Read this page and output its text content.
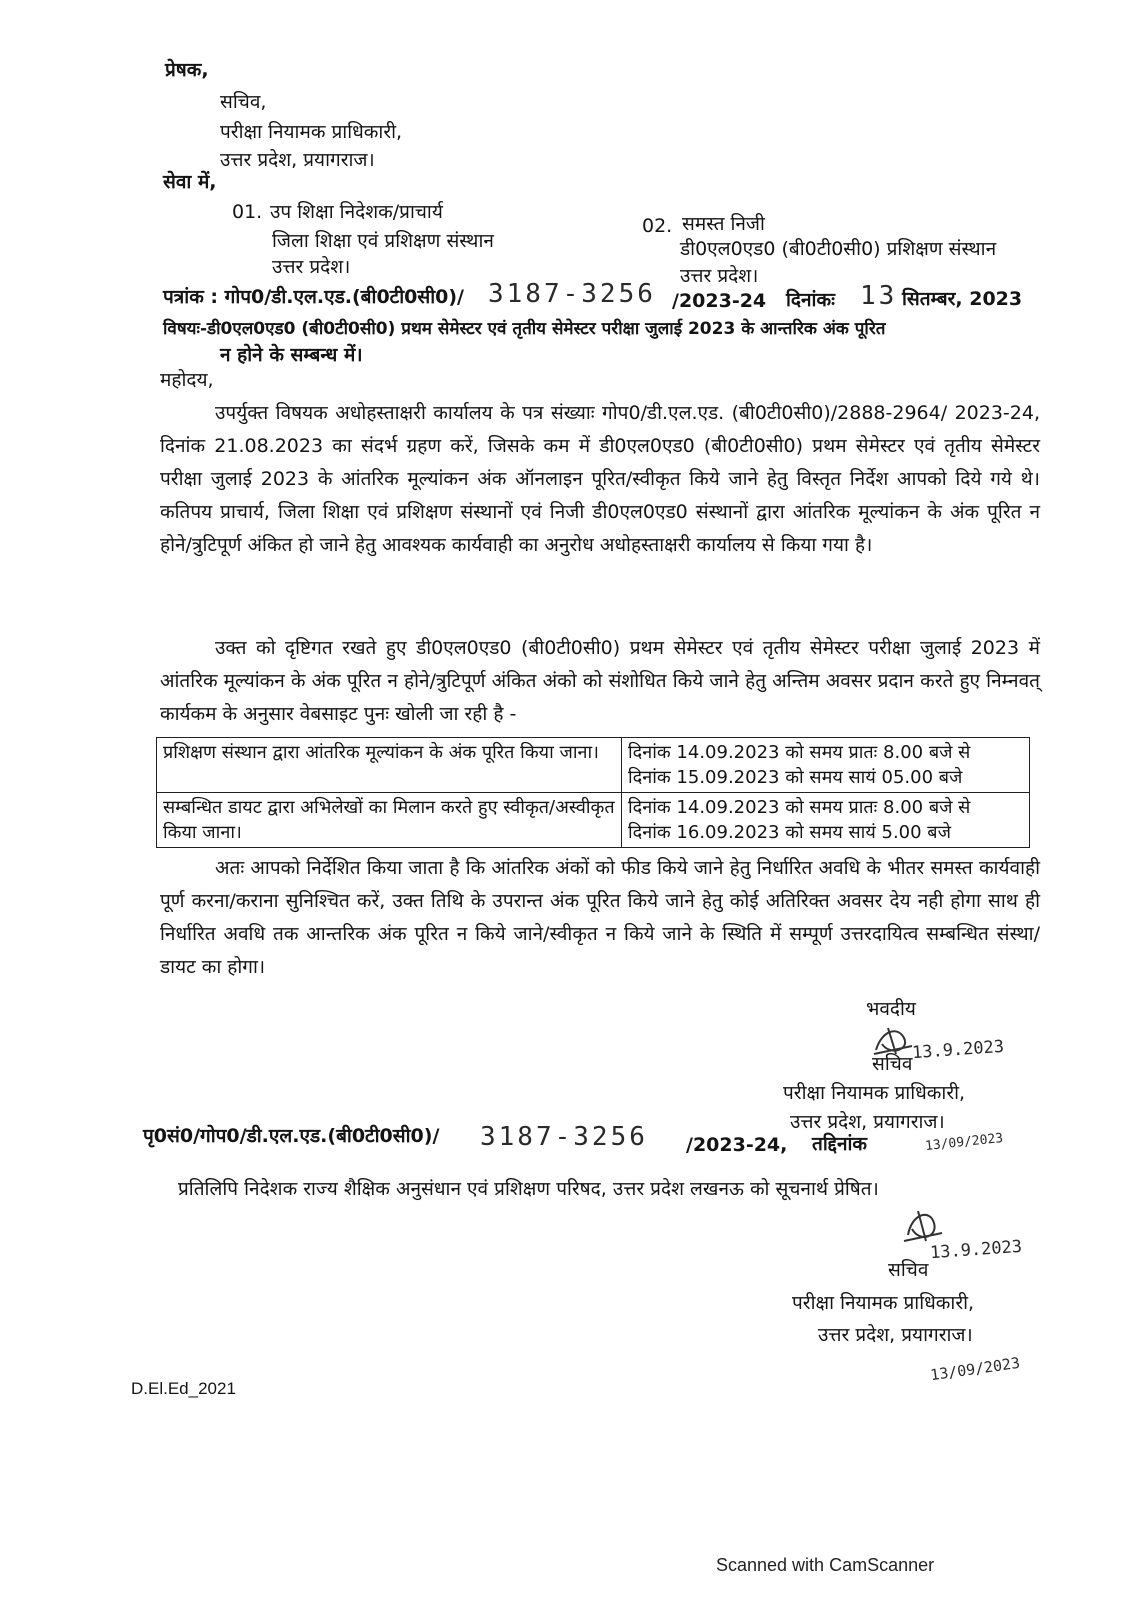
प्रेषक,
सचिव,
परीक्षा नियामक प्राधिकारी,
उत्तर प्रदेश, प्रयागराज।
सेवा में,
01. उप शिक्षा निदेशक/प्राचार्य
जिला शिक्षा एवं प्रशिक्षण संस्थान
उत्तर प्रदेश।
02. समस्त निजी
डी0एल0एड0 (बी0टी0सी0) प्रशिक्षण संस्थान
उत्तर प्रदेश।
पत्रांक : गोप0/डी.एल.एड.(बी0टी0सी0)/ 3187-3256 /2023-24 दिनांकः 13 सितम्बर, 2023
विषयः-डी0एल0एड0 (बी0टी0सी0) प्रथम सेमेस्टर एवं तृतीय सेमेस्टर परीक्षा जुलाई 2023 के आन्तरिक अंक पूरित
न होने के सम्बन्ध में।
महोदय,

उपर्युक्त विषयक अधोहस्ताक्षरी कार्यालय के पत्र संख्याः गोप0/डी.एल.एड. (बी0टी0सी0)/2888-2964/ 2023-24, दिनांक 21.08.2023 का संदर्भ ग्रहण करें, जिसके कम में डी0एल0एड0 (बी0टी0सी0) प्रथम सेमेस्टर एवं तृतीय सेमेस्टर परीक्षा जुलाई 2023 के आंतरिक मूल्यांकन अंक ऑनलाइन पूरित/स्वीकृत किये जाने हेतु विस्तृत निर्देश आपको दिये गये थे। कतिपय प्राचार्य, जिला शिक्षा एवं प्रशिक्षण संस्थानों एवं निजी डी0एल0एड0 संस्थानों द्वारा आंतरिक मूल्यांकन के अंक पूरित न होने/त्रुटिपूर्ण अंकित हो जाने हेतु आवश्यक कार्यवाही का अनुरोध अधोहस्ताक्षरी कार्यालय से किया गया है।

उक्त को दृष्टिगत रखते हुए डी0एल0एड0 (बी0टी0सी0) प्रथम सेमेस्टर एवं तृतीय सेमेस्टर परीक्षा जुलाई 2023 में आंतरिक मूल्यांकन के अंक पूरित न होने/त्रुटिपूर्ण अंकित अंको को संशोधित किये जाने हेतु अन्तिम अवसर प्रदान करते हुए निम्नवत् कार्यकम के अनुसार वेबसाइट पुनः खोली जा रही है -

प्रशिक्षण संस्थान द्वारा आंतरिक मूल्यांकन के अंक पूरित किया जाना।	दिनांक 14.09.2023 को समय प्रातः 8.00 बजे से
दिनांक 15.09.2023 को समय सायं 05.00 बजे

सम्बन्धित डायट द्वारा अभिलेखों का मिलान करते हुए स्वीकृत/अस्वीकृत किया जाना।	दिनांक 14.09.2023 को समय प्रातः 8.00 बजे से
दिनांक 16.09.2023 को समय सायं 5.00 बजे

अतः आपको निर्देशित किया जाता है कि आंतरिक अंकों को फीड किये जाने हेतु निर्धारित अवधि के भीतर समस्त कार्यवाही पूर्ण करना/कराना सुनिश्चित करें, उक्त तिथि के उपरान्त अंक पूरित किये जाने हेतु कोई अतिरिक्त अवसर देय नही होगा साथ ही निर्धारित अवधि तक आन्तरिक अंक पूरित न किये जाने/स्वीकृत न किये जाने के स्थिति में सम्पूर्ण उत्तरदायित्व सम्बन्धित संस्था/डायट का होगा।

भवदीय
सचिव
13.9.2023
परीक्षा नियामक प्राधिकारी,
उत्तर प्रदेश, प्रयागराज।
पृ0सं0/गोप0/डी.एल.एड.(बी0टी0सी0)/ 3187-3256 /2023-24, तद्दिनांक	13/09/2023
प्रतिलिपि निदेशक राज्य शैक्षिक अनुसंधान एवं प्रशिक्षण परिषद, उत्तर प्रदेश लखनऊ को सूचनार्थ प्रेषित।
सचिव
13.9.2023
परीक्षा नियामक प्राधिकारी,
उत्तर प्रदेश, प्रयागराज।
13/09/2023
D.El.Ed_2021
Scanned with CamScanner
